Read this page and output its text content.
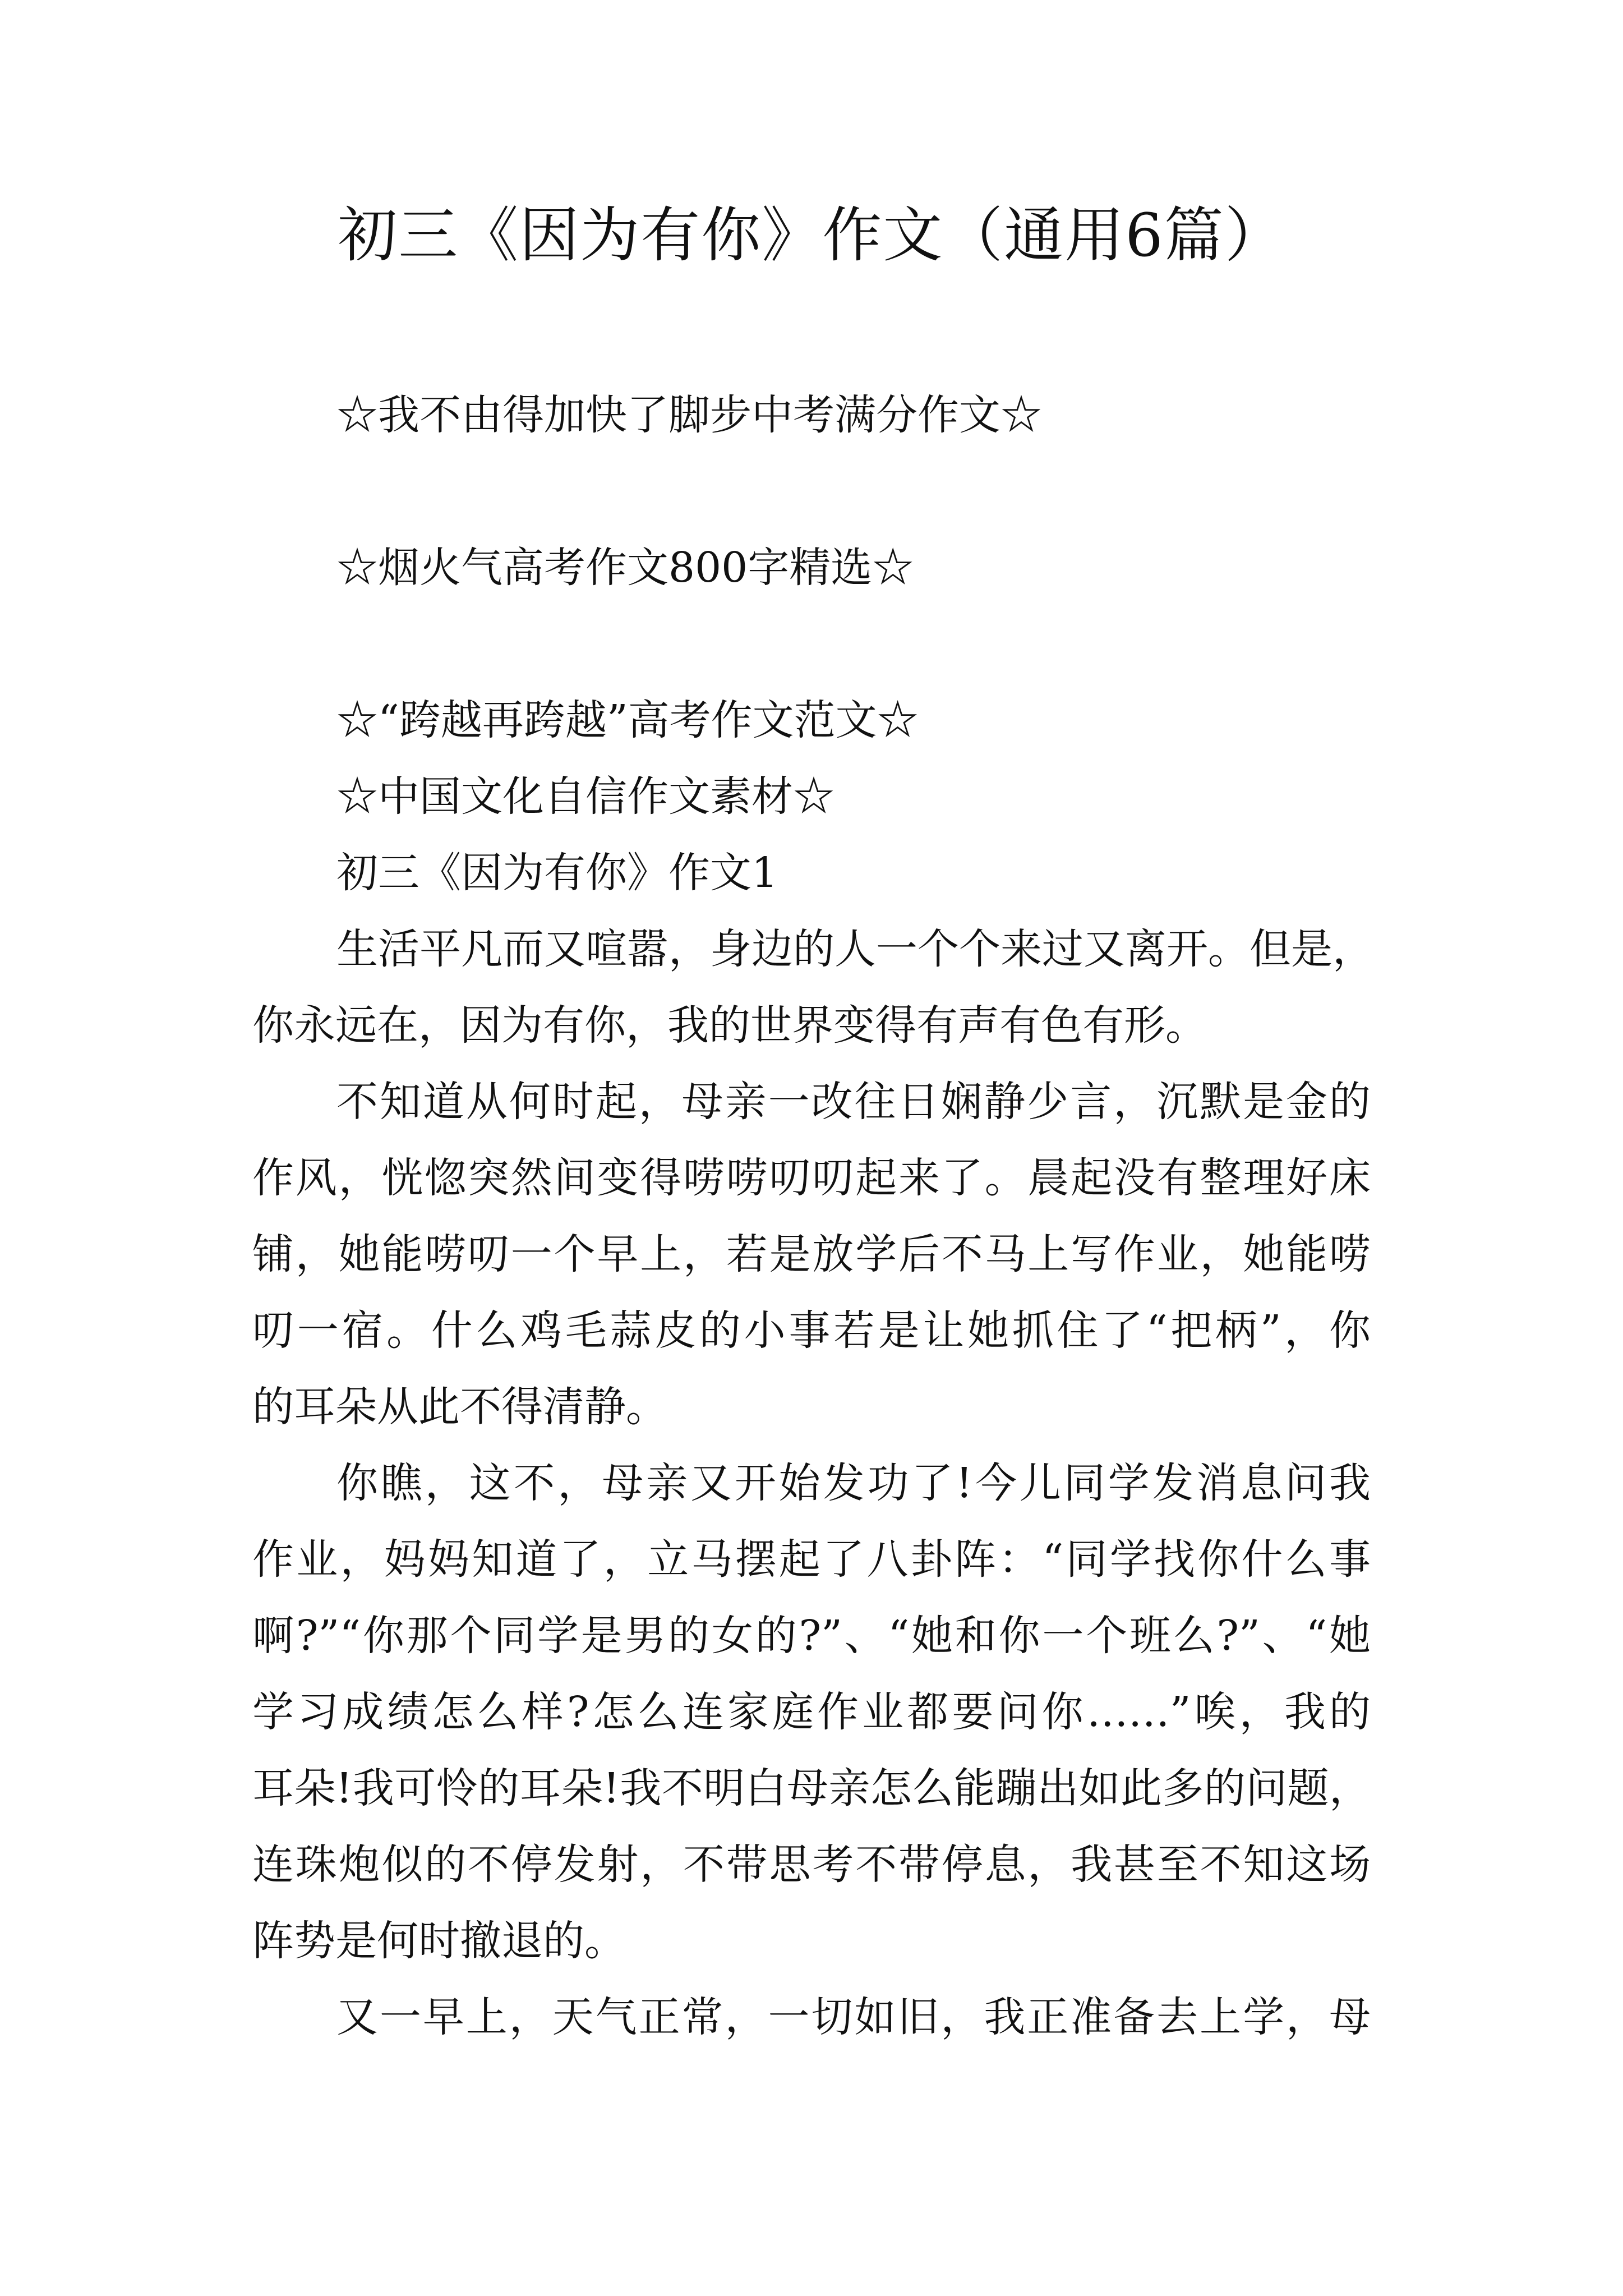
初三《因为有你》作文（通用6篇）
☆我不由得加快了脚步中考满分作文☆
☆烟火气高考作文800字精选☆
☆“跨越再跨越”高考作文范文☆
☆中国文化自信作文素材☆
初三《因为有你》作文1
生活平凡而又喧嚣，身边的人一个个来过又离开。但是，
你永远在，因为有你，我的世界变得有声有色有形。
不知道从何时起，母亲一改往日娴静少言，沉默是金的
作风，恍惚突然间变得唠唠叨叨起来了。晨起没有整理好床
铺，她能唠叨一个早上，若是放学后不马上写作业，她能唠
叨一宿。什么鸡毛蒜皮的小事若是让她抓住了“把柄”，你
的耳朵从此不得清静。
你瞧，这不，母亲又开始发功了!今儿同学发消息问我
作业，妈妈知道了，立马摆起了八卦阵：“同学找你什么事
啊?”“你那个同学是男的女的?”、“她和你一个班么?”、“她
学习成绩怎么样?怎么连家庭作业都要问你……”唉，我的
耳朵!我可怜的耳朵!我不明白母亲怎么能蹦出如此多的问题，
连珠炮似的不停发射，不带思考不带停息，我甚至不知这场
阵势是何时撤退的。
又一早上，天气正常，一切如旧，我正准备去上学，母
